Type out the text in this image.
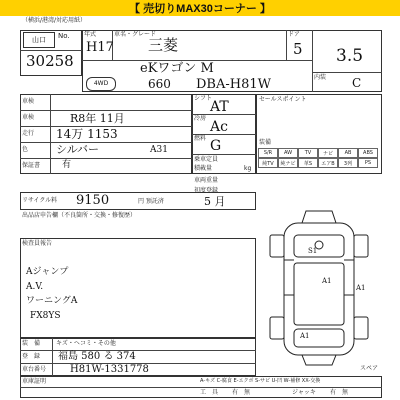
【 売切りMAX30コーナー 】
（横浜/港湾/対応用紙）
No.
山口
30258
年式
H17
車名・グレード
三菱
eKワゴン M
ドア
5
4WD	660 DBA-H81W
3.5
内装 C
車検
車検	R8年 11月
走行 14万 1153
色	シルバー	A31
保証書 有
シフト
AT
冷房
Ac
燃料 G
乗車定員
積載量	kg
セールスポイント
装備
S/R	AW	TV	ナビ	AB	ABS
純TV	純ナビ	革S	エアB	3列	PS
リサイクル料 9150	円 預託済
車両重量
初度登録
5 月
出品店申告欄（不良箇所・交換・修復歴）
検査員報告
Aジャンプ
A.V.
ワーニングA
FX8YS
S1
A1
A1
A1
スペア
装　備	キズ・ヘコミ・その他
登　録 福島 580 る 374
車台番号 H81W-1331778
車庫証明	A-キズ C-腐食 E-エクボ S-サビ U-凹 W-補修 XX-交換
工　具 有　無	ジャッキ 有　無
